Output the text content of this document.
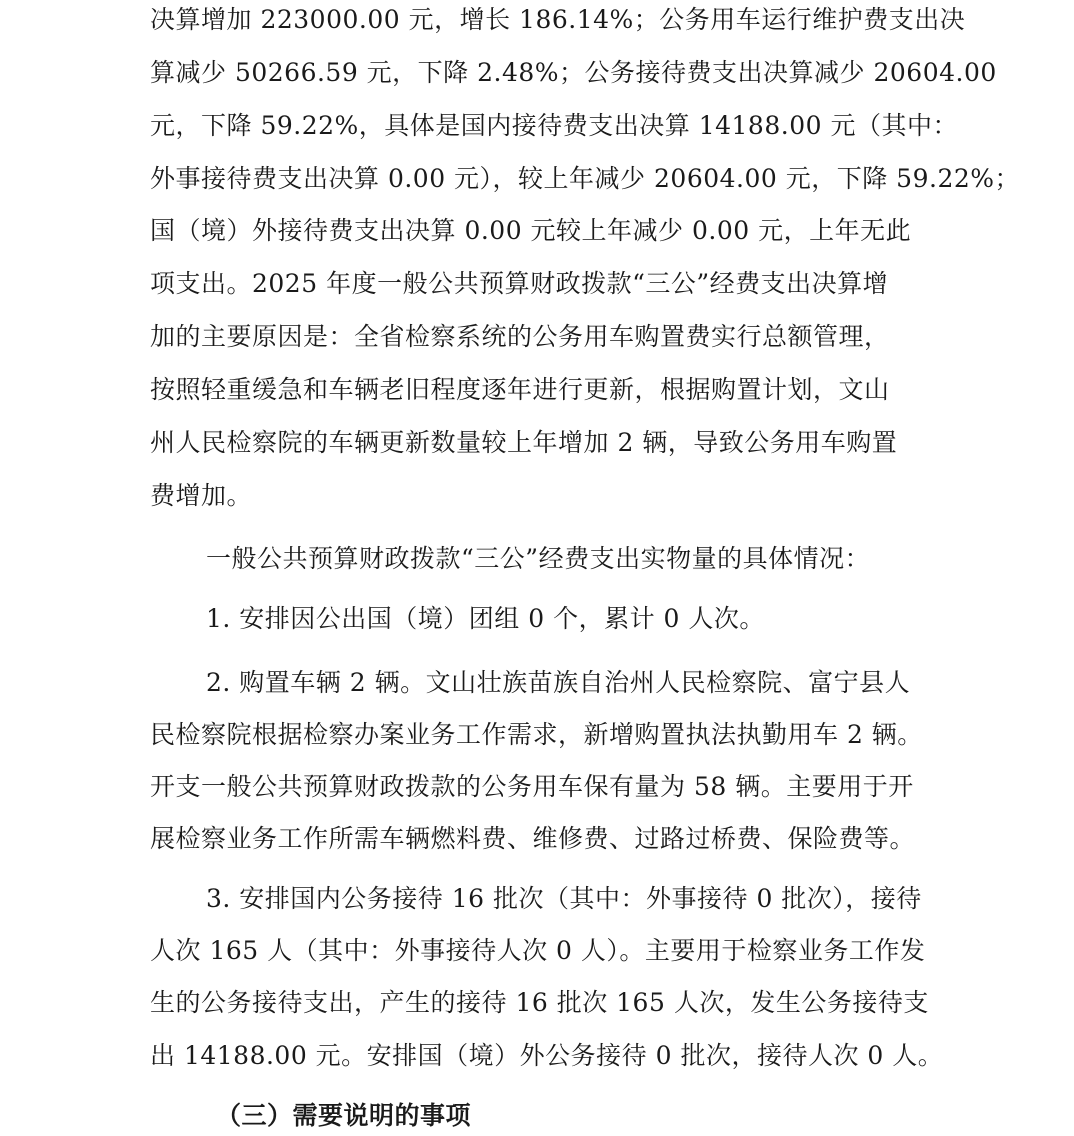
决算增加 223000.00 元，增长 186.14%；公务用车运行维护费支出决
算减少 50266.59 元，下降 2.48%；公务接待费支出决算减少 20604.00
元，下降 59.22%，具体是国内接待费支出决算 14188.00 元（其中：
外事接待费支出决算 0.00 元），较上年减少 20604.00 元，下降 59.22%；
国（境）外接待费支出决算 0.00 元较上年减少 0.00 元，上年无此
项支出。2025 年度一般公共预算财政拨款“三公”经费支出决算增
加的主要原因是：全省检察系统的公务用车购置费实行总额管理，
按照轻重缓急和车辆老旧程度逐年进行更新，根据购置计划，文山
州人民检察院的车辆更新数量较上年增加 2 辆，导致公务用车购置
费增加。
一般公共预算财政拨款“三公”经费支出实物量的具体情况：
1. 安排因公出国（境）团组 0 个，累计 0 人次。
2. 购置车辆 2 辆。文山壮族苗族自治州人民检察院、富宁县人
民检察院根据检察办案业务工作需求，新增购置执法执勤用车 2 辆。
开支一般公共预算财政拨款的公务用车保有量为 58 辆。主要用于开
展检察业务工作所需车辆燃料费、维修费、过路过桥费、保险费等。
3. 安排国内公务接待 16 批次（其中：外事接待 0 批次），接待
人次 165 人（其中：外事接待人次 0 人）。主要用于检察业务工作发
生的公务接待支出，产生的接待 16 批次 165 人次，发生公务接待支
出 14188.00 元。安排国（境）外公务接待 0 批次，接待人次 0 人。
（三）需要说明的事项
